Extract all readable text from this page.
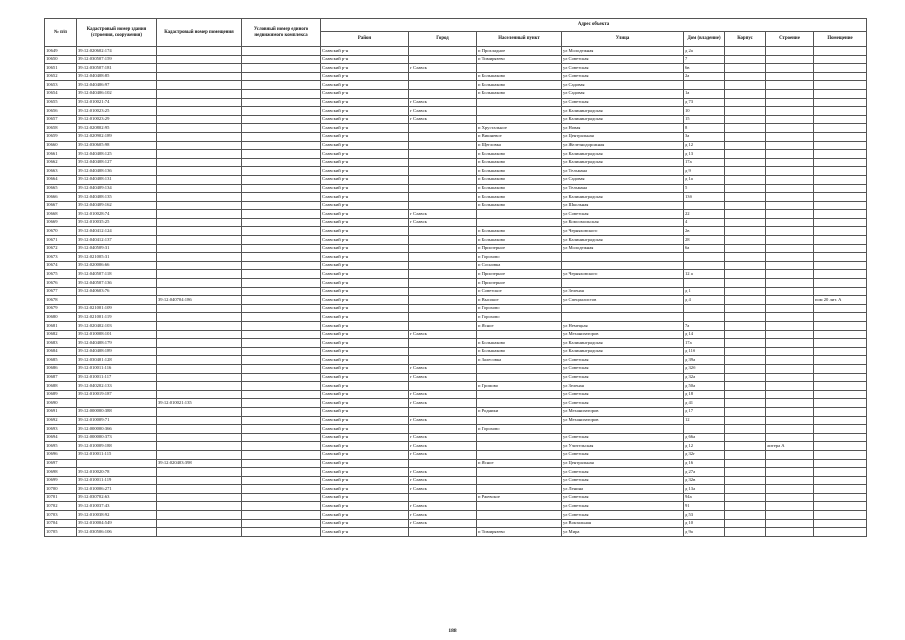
№ п/п	Кадастровый номер здания (строения, сооружения)	Кадастровый номер помещения	Условный номер единого недвижимого комплекса	Адрес объекта							
				Район	Город	Населенный пункт	Улица	Дом (владение)	Корпус	Строение	Помещение
10649	39:12:020602:174			Славский р-н		п Прохладное	ул Молодежная	д 2а			
10650	39:12:030507:159			Славский р-н		п Тимирязево	ул Советская	7			
10651	39:12:030507:181			Славский р-н	г Славск		ул Советская	6в			
10652	39:12:040408:85			Славский р-н		п Большаково	ул Советская	2а			
10653	39:12:040406:97			Славский р-н		п Большаково	ул Садовая				
10654	39:12:040406:102			Славский р-н		п Большаково	ул Садовая	1а			
10655	39:12:010021:74			Славский р-н	г Славск		ул Советская	д 73			
10656	39:12:010023:25			Славский р-н	г Славск		ул Калининградская	10			
10657	39:12:010023:29			Славский р-н	г Славск		ул Калининградская	15			
10658	39:12:020802:95			Славский р-н		п Хрустальное	ул Новая	8			
10659	39:12:020902:189			Славский р-н		п Вишневое	ул Центральная	3а			
10660	39:12:030605:98			Славский р-н		п Щегловка	ул Железнодорожная	д 12			
10661	39:12:040408:125			Славский р-н		п Большаково	ул Калининградская	д 13			
10662	39:12:040408:127			Славский р-н		п Большаково	ул Калининградская	17а			
10663	39:12:040408:136			Славский р-н		п Большаково	ул Тельмана	д 9			
10664	39:12:040408:131			Славский р-н		п Большаково	ул Садовая	д 1а			
10665	39:12:040409:134			Славский р-н		п Большаково	ул Тельмана	5			
10666	39:12:040408:135			Славский р-н		п Большаково	ул Калининградская	13б			
10667	39:12:040409:162			Славский р-н		п Большаково	ул Школьная				
10668	39:12:010028:74			Славский р-н	г Славск		ул Советская	22			
10669	39:12:010035:25			Славский р-н	г Славск		ул Комсомольская	4			
10670	39:12:040412:124			Славский р-н		п Большаково	ул Черняховского	2в			
10671	39:12:040412:137			Славский р-н		п Большаково	ул Калининградская	28			
10672	39:12:040509:31			Славский р-н		п Приозерное	ул Молодежная	6а			
10673	39:12:021005:31			Славский р-н		п Горохово					
10674	39:12:020006:66			Славский р-н		п Сосновка					
10675	39:12:040507:118			Славский р-н		п Приозерное	ул Черняховского	12 а			
10676	39:12:040507:136			Славский р-н		п Приозерное					
10677	39:12:040603:76			Славский р-н		п Советское	ул Зеленая	д 1			
10678		39:12:040704:186		Славский р-н		п Высокое	ул Специалистов	д 4			пом 20 лит. А
10679	39:12:021001:109			Славский р-н		п Горохово					
10680	39:12:021001:119			Славский р-н		п Горохово					
10681	39:12:020402:103			Славский р-н		п Ясное	ул Немецкая	7а			
10682	39:12:010008:101			Славский р-н	г Славск		ул Механизаторов	д 14			
10683	39:12:040408:179			Славский р-н		п Большаково	ул Калининградская	17а			
10684	39:12:040408:189			Славский р-н		п Большаково	ул Калининградская	д 11б			
10685	39:12:030401:128			Славский р-н		п Залесовка	ул Советская	д 39а			
10686	39:12:010011:116			Славский р-н	г Славск		ул Советская	д 32б			
10687	39:12:010011:117			Славский р-н	г Славск		ул Советская	д 32а			
10688	39:12:040202:133			Славский р-н		п Громово	ул Зеленая	д 50а			
10689	39:12:010019:187			Славский р-н	г Славск		ул Советская	д 18			
10690		39:12:010021:135		Славский р-н	г Славск		ул Советская	д 41			
10691	39:12:000000:388			Славский р-н		п Родники	ул Механизаторов	д 17			
10692	39:12:010009:71			Славский р-н	г Славск		ул Механизаторов	12			
10693	39:12:000000:366			Славский р-н		п Горохово					
10694	39:12:000000:373			Славский р-н	г Славск		ул Советская	д 66а			
10695	39:12:010009:188			Славский р-н	г Славск		ул Учительская	д 12		литера А	
10696	39:12:010011:115			Славский р-н	г Славск		ул Советская	д 32г			
10697		39:12:020403:398		Славский р-н		п Ясное	ул Центральная	д 16			
10698	39:12:010020:78			Славский р-н	г Славск		ул Советская	д 27а			
10699	39:12:010011:119			Славский р-н	г Славск		ул Советская	д 32в			
10700	39:12:010006:271			Славский р-н	г Славск		ул Ленина	д 13а			
10701	39:12:030702:63			Славский р-н		п Ржевское	ул Советская	94а			
10702	39:12:010037:43			Славский р-н	г Славск		ул Советская	91			
10703	39:12:010038:92			Славский р-н	г Славск		ул Советская	д 53			
10704	39:12:010004:549			Славский р-н	г Славск		ул Вокзальная	д 10			
10705	39:12:030506:106			Славский р-н		п Тимирязево	ул Мира	д 9а			
188
